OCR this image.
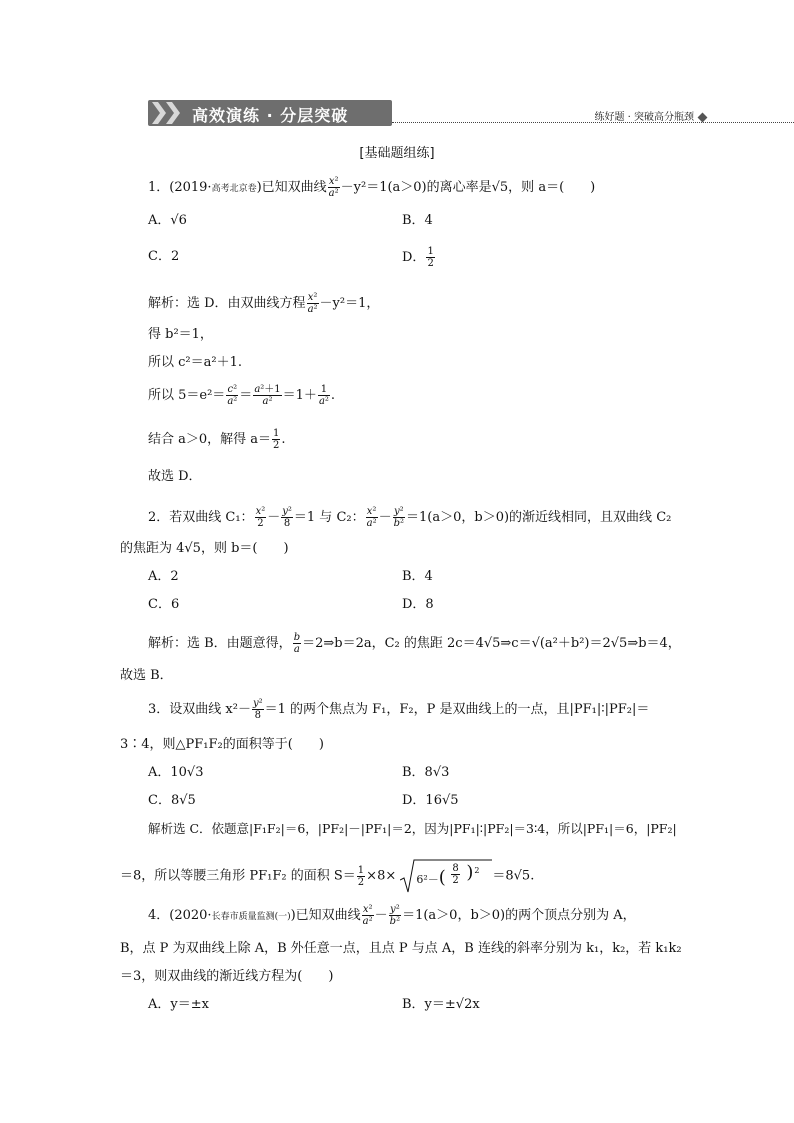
高效演练 · 分层突破	练好题 · 突破高分瓶颈
[基础题组练]
1．(2019·高考北京卷)已知双曲线 $\frac{\text{x²}}{\text{a²}} -y^2=1(a>0)$的离心率是√5，则 a＝(　　)
A．√6	B．4
C．2	D． $\frac{1}{2}$
解析：选 D．由双曲线方程 $\frac{\text{x²}}{\text{a²}} -y^2=1$，
得 b²＝1，
所以 c²＝a²＋1.
所以 $5=e^2= \frac{\text{c²}}{\text{a²}} = \frac{\text{a²＋1}}{\text{a²}} =1+ \frac{1}{\text{a²}}$ .
结合 a＞0，解得 $a= \frac{1}{2}$ .
故选 D．
2．若双曲线 C₁： $\frac{\text{x²}}{2} - \frac{\text{y²}}{8} =1$ 与 C₂： $\frac{\text{x²}}{\text{a²}} - \frac{\text{y²}}{\text{b²}} =1(a>0$，b＞0)的渐近线相同，且双曲线 C₂
的焦距为 4√5，则 b＝(　　)
A．2	B．4
C．6	D．8
解析：选 B．由题意得， $\frac{b}{a}$ ＝2⇒b＝2a，C₂ 的焦距 2c＝4√5⇒c＝√(a²＋b²)＝2√5⇒b＝4，
故选 B．
3．设双曲线 $x^2- \frac{\text{y²}}{8} =1$ 的两个焦点为 F₁，F₂，P 是双曲线上的一点，且|PF₁|∶|PF₂|＝
3∶4，则△PF₁F₂的面积等于(　　)
A．10√3	B．8√3
C．8√5	D．16√5
解析选 C．依题意|F₁F₂|＝6，|PF₂|－|PF₁|＝2，因为|PF₁|∶|PF₂|＝3∶4，所以|PF₁|＝6，|PF₂|
＝8，所以等腰三角形 PF₁F₂ 的面积 $S= \frac{1}{2} \times 8\times 6^2-( \frac{8}{2}$ ) 2 ＝8√5.
4．(2020·长春市质量监测(一))已知双曲线 $\frac{\text{x²}}{\text{a²}} - \frac{\text{y²}}{\text{b²}} =1(a>0$，b＞0)的两个顶点分别为 A，
B，点 P 为双曲线上除 A，B 外任意一点，且点 P 与点 A，B 连线的斜率分别为 k₁，k₂，若 k₁k₂
＝3，则双曲线的渐近线方程为(　　)
A．y＝±x	B．y＝±√2x
